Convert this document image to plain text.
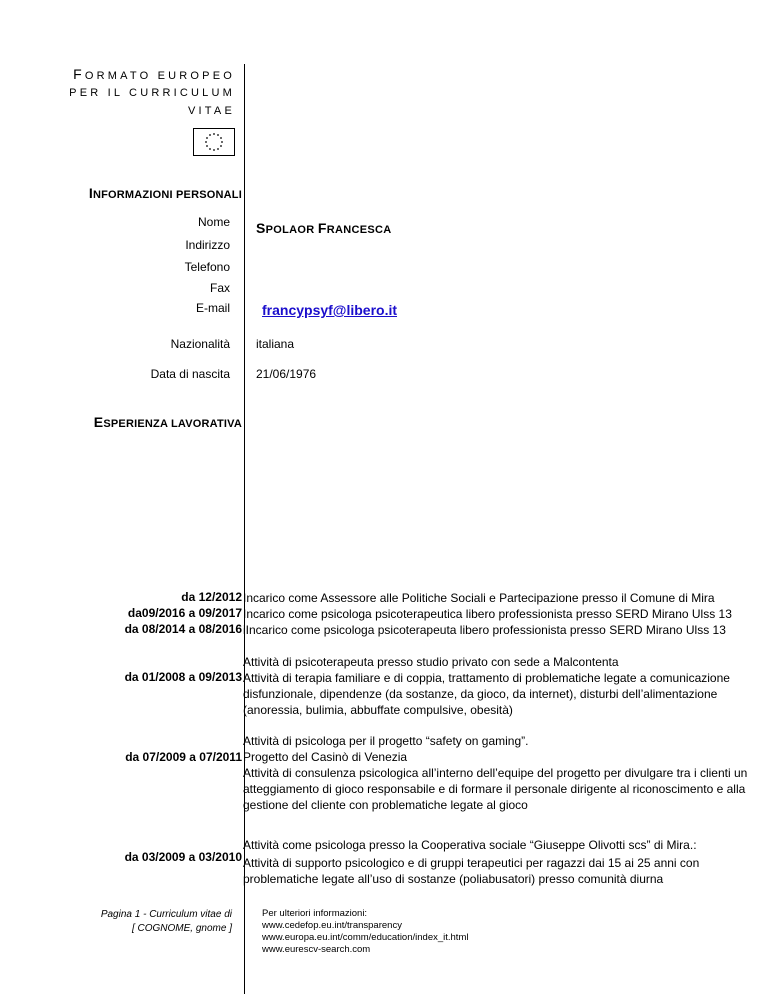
FORMATO EUROPEO
PER IL CURRICULUM
VITAE
INFORMAZIONI PERSONALI
Nome SPOLAOR FRANCESCA
Indirizzo
Telefono
Fax
E-mail francypsyf@libero.it
Nazionalità italiana
Data di nascita 21/06/1976
ESPERIENZA LAVORATIVA
da 12/2012
da09/2016 a 09/2017
da 08/2014 a 08/2016
Incarico come Assessore alle Politiche Sociali e Partecipazione presso il Comune di Mira
Incarico come psicologa psicoterapeutica libero professionista presso SERD Mirano Ulss 13
iIncarico come psicologa psicoterapeuta libero professionista presso SERD Mirano Ulss 13
da 01/2008 a 09/2013
Attività di psicoterapeuta presso studio privato con sede a Malcontenta
Attività di terapia familiare e di coppia, trattamento di problematiche legate a comunicazione
disfunzionale, dipendenze (da sostanze, da gioco, da internet), disturbi dell’alimentazione
(anoressia, bulimia, abbuffate compulsive, obesità)
da 07/2009 a 07/2011
Attività di psicologa per il progetto “safety on gaming”.
Progetto del Casinò di Venezia
Attività di consulenza psicologica all’interno dell’equipe del progetto per divulgare tra i clienti un
atteggiamento di gioco responsabile e di formare il personale dirigente al riconoscimento e alla
gestione del cliente con problematiche legate al gioco
da 03/2009 a 03/2010
Attività come psicologa presso la Cooperativa sociale “Giuseppe Olivotti scs” di Mira.:
Attività di supporto psicologico e di gruppi terapeutici per ragazzi dai 15 ai 25 anni con
problematiche legate all’uso di sostanze (poliabusatori) presso comunità diurna
Pagina 1 - Curriculum vitae di
[ COGNOME, gnome ]
Per ulteriori informazioni:
www.cedefop.eu.int/transparency
www.europa.eu.int/comm/education/index_it.html
www.eurescv-search.com
